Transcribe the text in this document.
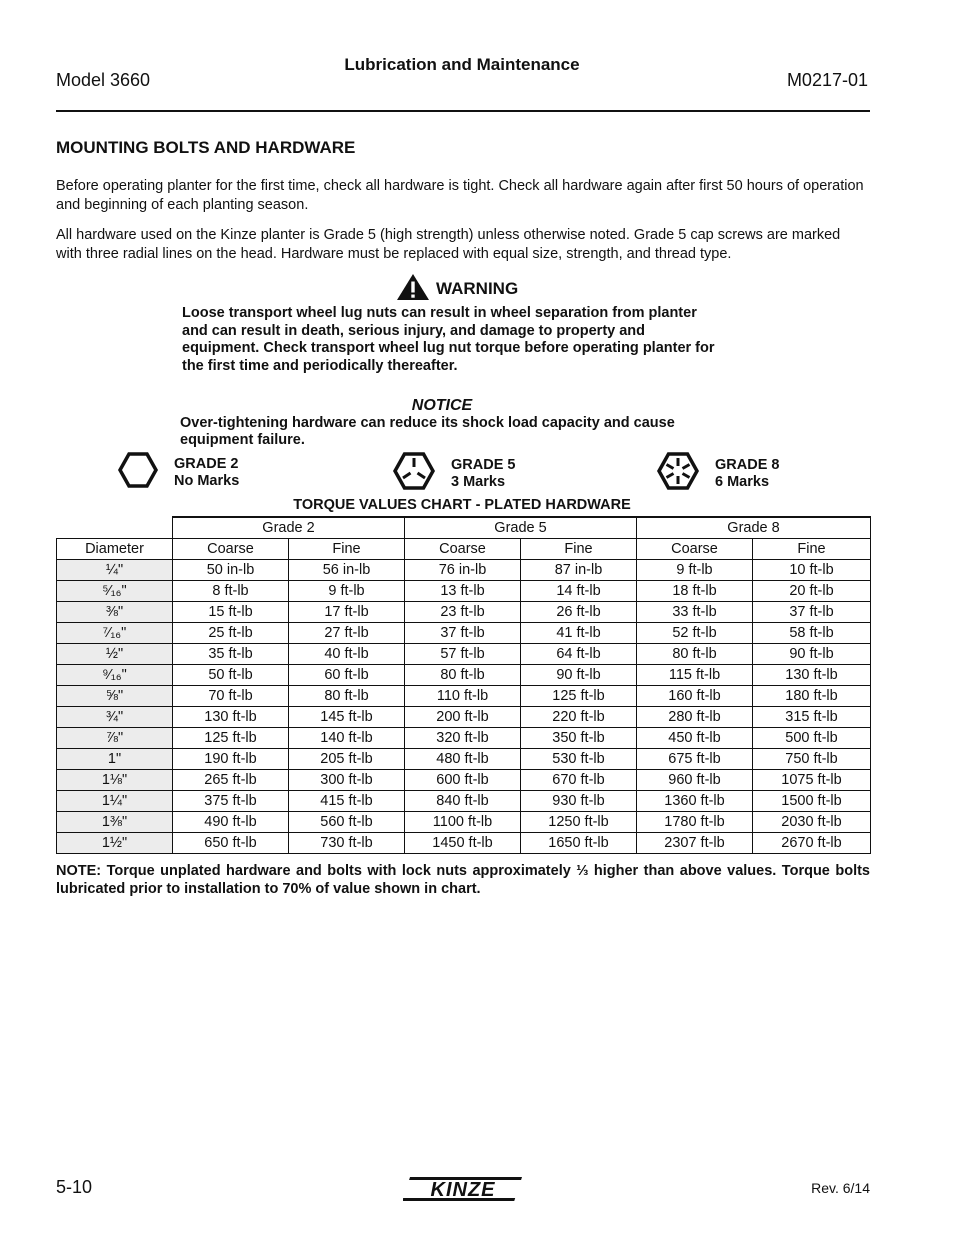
Model 3660
Lubrication and Maintenance
M0217-01
MOUNTING BOLTS AND HARDWARE
Before operating planter for the first time, check all hardware is tight. Check all hardware again after first 50 hours of operation and beginning of each planting season.
All hardware used on the Kinze planter is Grade 5 (high strength) unless otherwise noted. Grade 5 cap screws are marked with three radial lines on the head. Hardware must be replaced with equal size, strength, and thread type.
WARNING
Loose transport wheel lug nuts can result in wheel separation from planter and can result in death, serious injury, and damage to property and equipment. Check transport wheel lug nut torque before operating planter for the first time and periodically thereafter.
NOTICE
Over-tightening hardware can reduce its shock load capacity and cause equipment failure.
GRADE 2
No Marks
GRADE 5
3 Marks
GRADE 8
6 Marks
TORQUE VALUES CHART - PLATED HARDWARE
	Grade 2		Grade 5		Grade 8	
Diameter	Coarse	Fine	Coarse	Fine	Coarse	Fine
¼"	50 in-lb	56 in-lb	76 in-lb	87 in-lb	9 ft-lb	10 ft-lb
⁵⁄₁₆"	8 ft-lb	9 ft-lb	13 ft-lb	14 ft-lb	18 ft-lb	20 ft-lb
⅜"	15 ft-lb	17 ft-lb	23 ft-lb	26 ft-lb	33 ft-lb	37 ft-lb
⁷⁄₁₆"	25 ft-lb	27 ft-lb	37 ft-lb	41 ft-lb	52 ft-lb	58 ft-lb
½"	35 ft-lb	40 ft-lb	57 ft-lb	64 ft-lb	80 ft-lb	90 ft-lb
⁹⁄₁₆"	50 ft-lb	60 ft-lb	80 ft-lb	90 ft-lb	115 ft-lb	130 ft-lb
⅝"	70 ft-lb	80 ft-lb	110 ft-lb	125 ft-lb	160 ft-lb	180 ft-lb
¾"	130 ft-lb	145 ft-lb	200 ft-lb	220 ft-lb	280 ft-lb	315 ft-lb
⅞"	125 ft-lb	140 ft-lb	320 ft-lb	350 ft-lb	450 ft-lb	500 ft-lb
1"	190 ft-lb	205 ft-lb	480 ft-lb	530 ft-lb	675 ft-lb	750 ft-lb
1⅛"	265 ft-lb	300 ft-lb	600 ft-lb	670 ft-lb	960 ft-lb	1075 ft-lb
1¼"	375 ft-lb	415 ft-lb	840 ft-lb	930 ft-lb	1360 ft-lb	1500 ft-lb
1⅜"	490 ft-lb	560 ft-lb	1100 ft-lb	1250 ft-lb	1780 ft-lb	2030 ft-lb
1½"	650 ft-lb	730 ft-lb	1450 ft-lb	1650 ft-lb	2307 ft-lb	2670 ft-lb
NOTE: Torque unplated hardware and bolts with lock nuts approximately ⅓ higher than above values. Torque bolts lubricated prior to installation to 70% of value shown in chart.
5-10	KINZE	Rev. 6/14
